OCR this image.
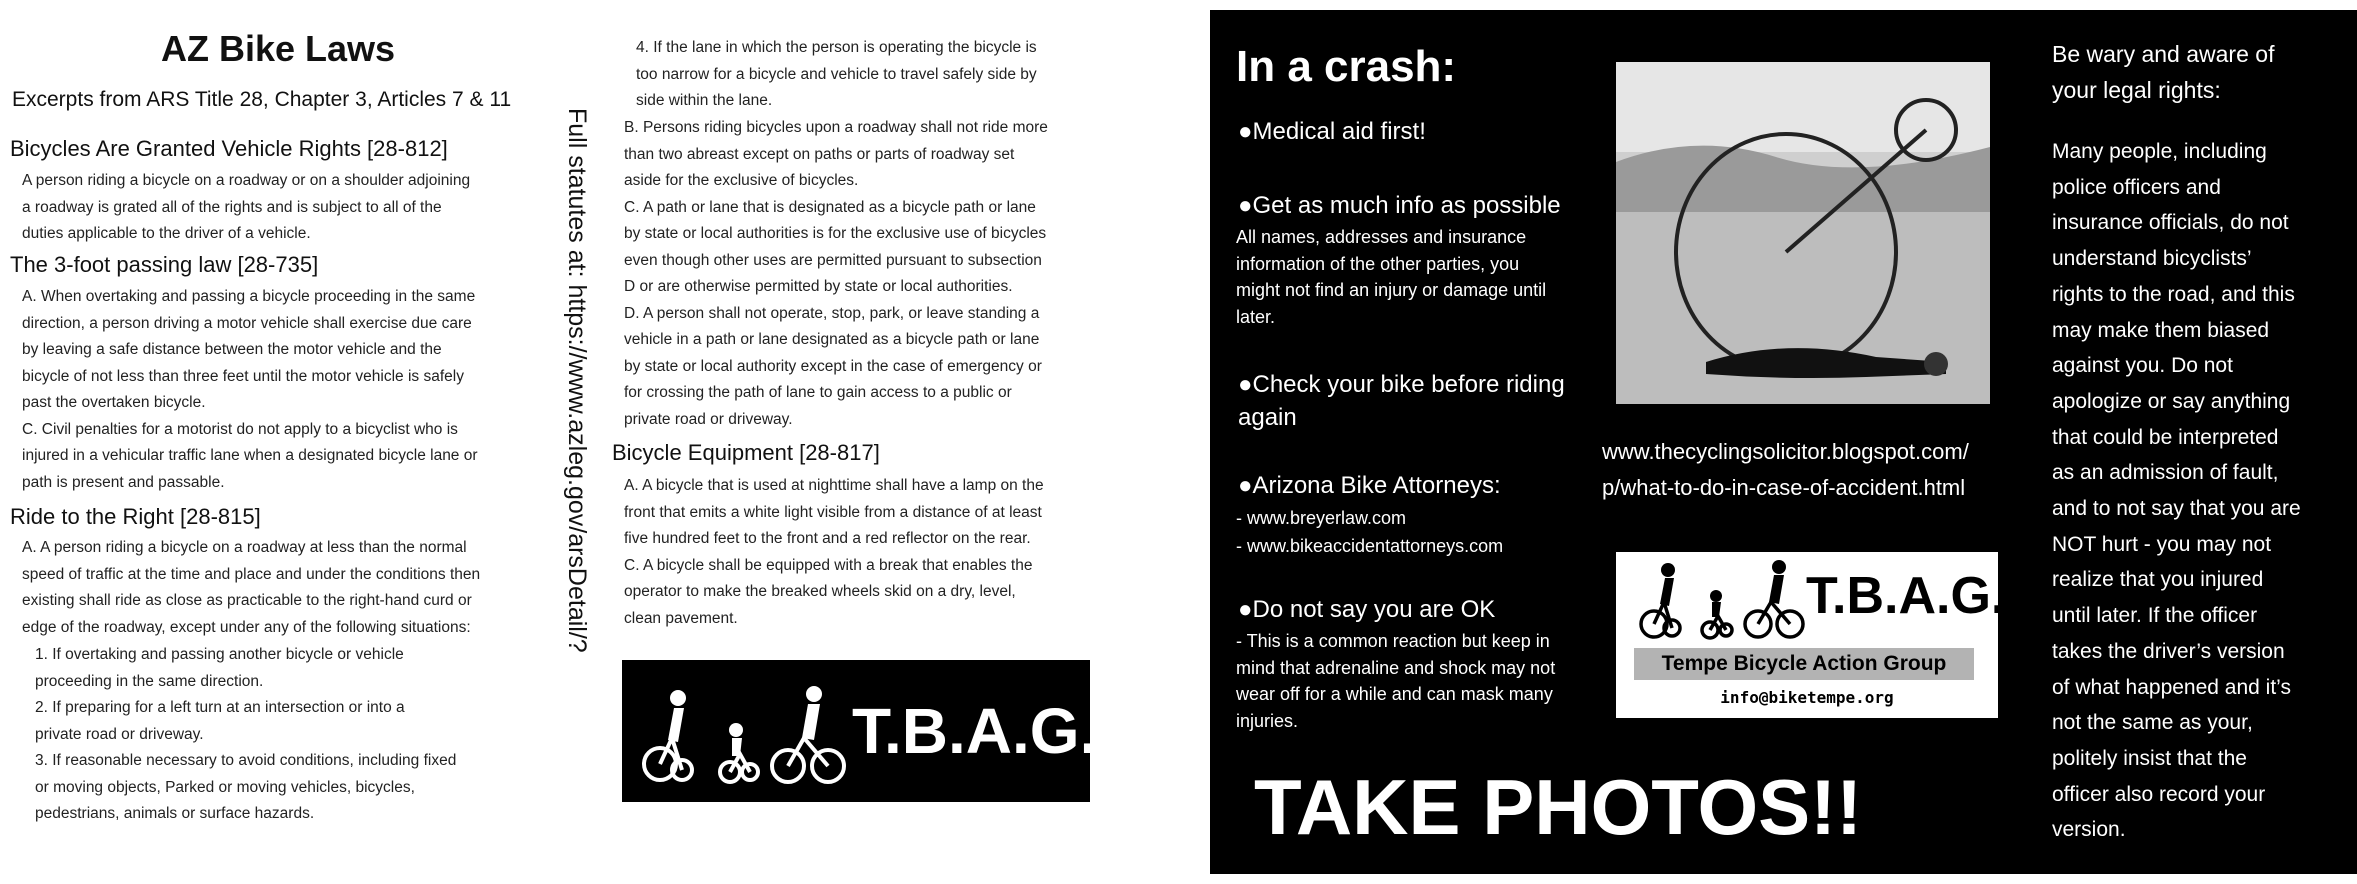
AZ Bike Laws
Excerpts from ARS Title 28, Chapter 3, Articles 7 & 11
Bicycles Are Granted Vehicle Rights [28-812]
A person riding a bicycle on a roadway or on a shoulder adjoining
a roadway is grated all of the rights and is subject to all of the
duties applicable to the driver of a vehicle.
The 3-foot passing law [28-735]
A. When overtaking and passing a bicycle proceeding in the same
direction, a person driving a motor vehicle shall exercise due care
by leaving a safe distance between the motor vehicle and the
bicycle of not less than three feet until the motor vehicle is safely
past the overtaken bicycle.
C. Civil penalties for a motorist do not apply to a bicyclist who is
injured in a vehicular traffic lane when a designated bicycle lane or
path is present and passable.
Ride to the Right [28-815]
A. A person riding a bicycle on a roadway at less than the normal
speed of traffic at the time and place and under the conditions then
existing shall ride as close as practicable to the right-hand curd or
edge of the roadway, except under any of the following situations:
1. If overtaking and passing another bicycle or vehicle
proceeding in the same direction.
2. If preparing for a left turn at an intersection or into a
private road or driveway.
3. If reasonable necessary to avoid conditions, including fixed
or moving objects, Parked or moving vehicles, bicycles,
pedestrians, animals or surface hazards.
Full statutes at: https://www.azleg.gov/arsDetail/?
4. If the lane in which the person is operating the bicycle is
too narrow for a bicycle and vehicle to travel safely side by
side within the lane.
B. Persons riding bicycles upon a roadway shall not ride more
than two abreast except on paths or parts of roadway set
aside for the exclusive of bicycles.
C. A path or lane that is designated as a bicycle path or lane
by state or local authorities is for the exclusive use of bicycles
even though other uses are permitted pursuant to subsection
D or are otherwise permitted by state or local authorities.
D. A person shall not operate, stop, park, or leave standing a
vehicle in a path or lane designated as a bicycle path or lane
by state or local authority except in the case of emergency or
for crossing the path of lane to gain access to a public or
private road or driveway.
Bicycle Equipment [28-817]
A. A bicycle that is used at nighttime shall have a lamp on the
front that emits a white light visible from a distance of at least
five hundred feet to the front and a red reflector on the rear.
C. A bicycle shall be equipped with a break that enables the
operator to make the breaked wheels skid on a dry, level,
clean pavement.
T.B.A.G.
In a crash:
●Medical aid first!
●Get as much info as possible
All names, addresses and insurance
information of the other parties, you
might not find an injury or damage until
later.
●Check your bike before riding
again
●Arizona Bike Attorneys:
- www.breyerlaw.com
- www.bikeaccidentattorneys.com
●Do not say you are OK
- This is a common reaction but keep in
mind that adrenaline and shock may not
wear off for a while and can mask many
injuries.
TAKE PHOTOS!!
www.thecyclingsolicitor.blogspot.com/
p/what-to-do-in-case-of-accident.html
T.B.A.G.
Tempe Bicycle Action Group
info@biketempe.org
Be wary and aware of
your legal rights:
Many people, including
police officers and
insurance officials, do not
understand bicyclists’
rights to the road, and this
may make them biased
against you. Do not
apologize or say anything
that could be interpreted
as an admission of fault,
and to not say that you are
NOT hurt - you may not
realize that you injured
until later. If the officer
takes the driver’s version
of what happened and it’s
not the same as your,
politely insist that the
officer also record your
version.
